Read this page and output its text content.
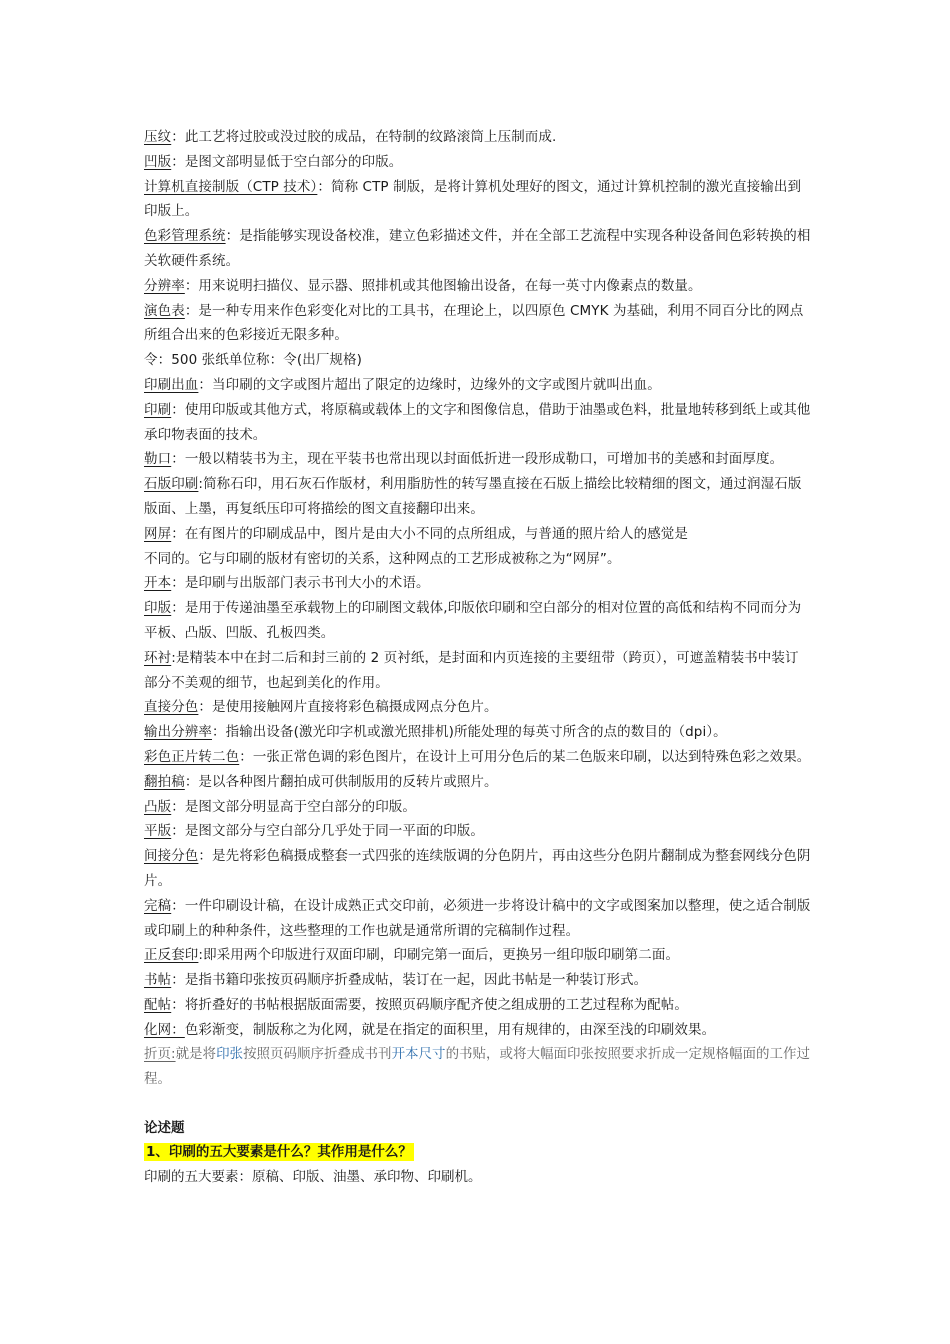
压纹：此工艺将过胶或没过胶的成品，在特制的纹路滚筒上压制而成.

凹版：是图文部明显低于空白部分的印版。

计算机直接制版（CTP 技术）：简称 CTP 制版，是将计算机处理好的图文，通过计算机控制的激光直接输出到印版上。

色彩管理系统：是指能够实现设备校准，建立色彩描述文件，并在全部工艺流程中实现各种设备间色彩转换的相关软硬件系统。

分辨率：用来说明扫描仪、显示器、照排机或其他图输出设备，在每一英寸内像素点的数量。

演色表：是一种专用来作色彩变化对比的工具书，在理论上，以四原色 CMYK 为基础，利用不同百分比的网点所组合出来的色彩接近无限多种。

令：500 张纸单位称：令(出厂规格)

印刷出血：当印刷的文字或图片超出了限定的边缘时，边缘外的文字或图片就叫出血。

印刷：使用印版或其他方式，将原稿或载体上的文字和图像信息，借助于油墨或色料，批量地转移到纸上或其他承印物表面的技术。

勒口：一般以精装书为主，现在平装书也常出现以封面低折进一段形成勒口，可增加书的美感和封面厚度。

石版印刷:简称石印，用石灰石作版材，利用脂肪性的转写墨直接在石版上描绘比较精细的图文，通过润湿石版版面、上墨，再复纸压印可将描绘的图文直接翻印出来。

网屏：在有图片的印刷成品中，图片是由大小不同的点所组成，与普通的照片给人的感觉是
不同的。它与印刷的版材有密切的关系，这种网点的工艺形成被称之为“网屏”。

开本：是印刷与出版部门表示书刊大小的术语。

印版：是用于传递油墨至承载物上的印刷图文载体,印版依印刷和空白部分的相对位置的高低和结构不同而分为平板、凸版、凹版、孔板四类。

环衬:是精装本中在封二后和封三前的 2 页衬纸，是封面和内页连接的主要纽带（跨页），可遮盖精装书中装订部分不美观的细节，也起到美化的作用。

直接分色：是使用接触网片直接将彩色稿摄成网点分色片。

输出分辨率：指输出设备(激光印字机或激光照排机)所能处理的每英寸所含的点的数目的（dpi）。

彩色正片转二色：一张正常色调的彩色图片，在设计上可用分色后的某二色版来印刷，以达到特殊色彩之效果。

翻拍稿：是以各种图片翻拍成可供制版用的反转片或照片。

凸版：是图文部分明显高于空白部分的印版。

平版：是图文部分与空白部分几乎处于同一平面的印版。

间接分色：是先将彩色稿摄成整套一式四张的连续版调的分色阴片，再由这些分色阴片翻制成为整套网线分色阴片。

完稿：一件印刷设计稿，在设计成熟正式交印前，必须进一步将设计稿中的文字或图案加以整理，使之适合制版或印刷上的种种条件，这些整理的工作也就是通常所谓的完稿制作过程。

正反套印:即采用两个印版进行双面印刷，印刷完第一面后，更换另一组印版印刷第二面。

书帖：是指书籍印张按页码顺序折叠成帖，装订在一起，因此书帖是一种装订形式。

配帖：将折叠好的书帖根据版面需要，按照页码顺序配齐使之组成册的工艺过程称为配帖。

化网：色彩渐变，制版称之为化网，就是在指定的面积里，用有规律的，由深至浅的印刷效果。

折页:就是将印张按照页码顺序折叠成书刊开本尺寸的书贴，或将大幅面印张按照要求折成一定规格幅面的工作过程。

论述题
1、印刷的五大要素是什么？其作用是什么？
印刷的五大要素：原稿、印版、油墨、承印物、印刷机。
